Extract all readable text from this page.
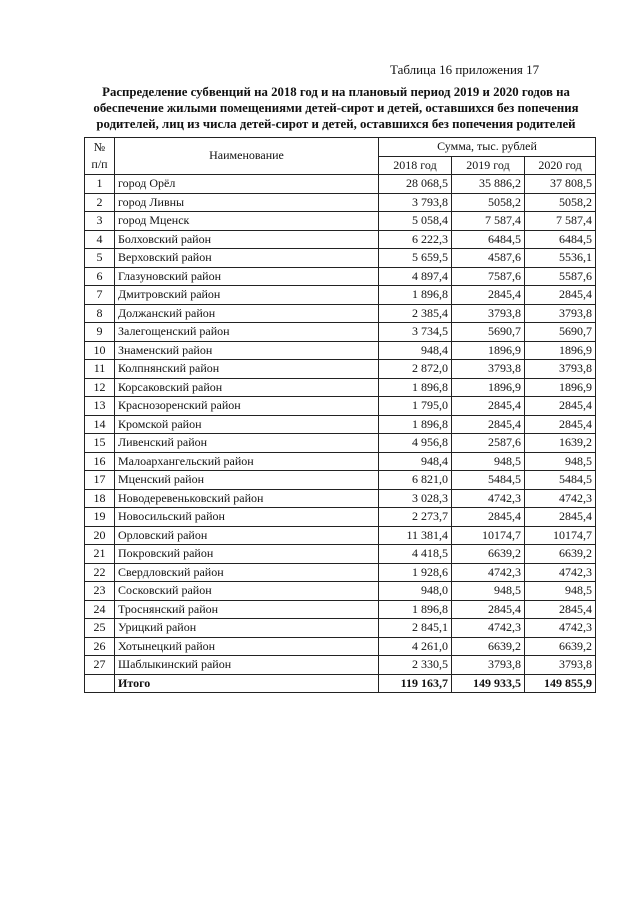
Таблица 16 приложения 17
Распределение субвенций на 2018 год и на плановый период 2019 и 2020 годов на обеспечение жилыми помещениями детей-сирот и детей, оставшихся без попечения родителей, лиц из числа детей-сирот и детей, оставшихся без попечения родителей
№
п/п	Наименование	Сумма, тыс. рублей		
		2018 год	2019 год	2020 год
1	город Орёл	28 068,5	35 886,2	37 808,5
2	город Ливны	3 793,8	5058,2	5058,2
3	город Мценск	5 058,4	7 587,4	7 587,4
4	Болховский район	6 222,3	6484,5	6484,5
5	Верховский район	5 659,5	4587,6	5536,1
6	Глазуновский район	4 897,4	7587,6	5587,6
7	Дмитровский район	1 896,8	2845,4	2845,4
8	Должанский район	2 385,4	3793,8	3793,8
9	Залегощенский район	3 734,5	5690,7	5690,7
10	Знаменский район	948,4	1896,9	1896,9
11	Колпнянский район	2 872,0	3793,8	3793,8
12	Корсаковский район	1 896,8	1896,9	1896,9
13	Краснозоренский район	1 795,0	2845,4	2845,4
14	Кромской район	1 896,8	2845,4	2845,4
15	Ливенский район	4 956,8	2587,6	1639,2
16	Малоархангельский район	948,4	948,5	948,5
17	Мценский район	6 821,0	5484,5	5484,5
18	Новодеревеньковский район	3 028,3	4742,3	4742,3
19	Новосильский район	2 273,7	2845,4	2845,4
20	Орловский район	11 381,4	10174,7	10174,7
21	Покровский район	4 418,5	6639,2	6639,2
22	Свердловский район	1 928,6	4742,3	4742,3
23	Сосковский район	948,0	948,5	948,5
24	Троснянский район	1 896,8	2845,4	2845,4
25	Урицкий район	2 845,1	4742,3	4742,3
26	Хотынецкий район	4 261,0	6639,2	6639,2
27	Шаблыкинский район	2 330,5	3793,8	3793,8
	Итого	119 163,7	149 933,5	149 855,9
